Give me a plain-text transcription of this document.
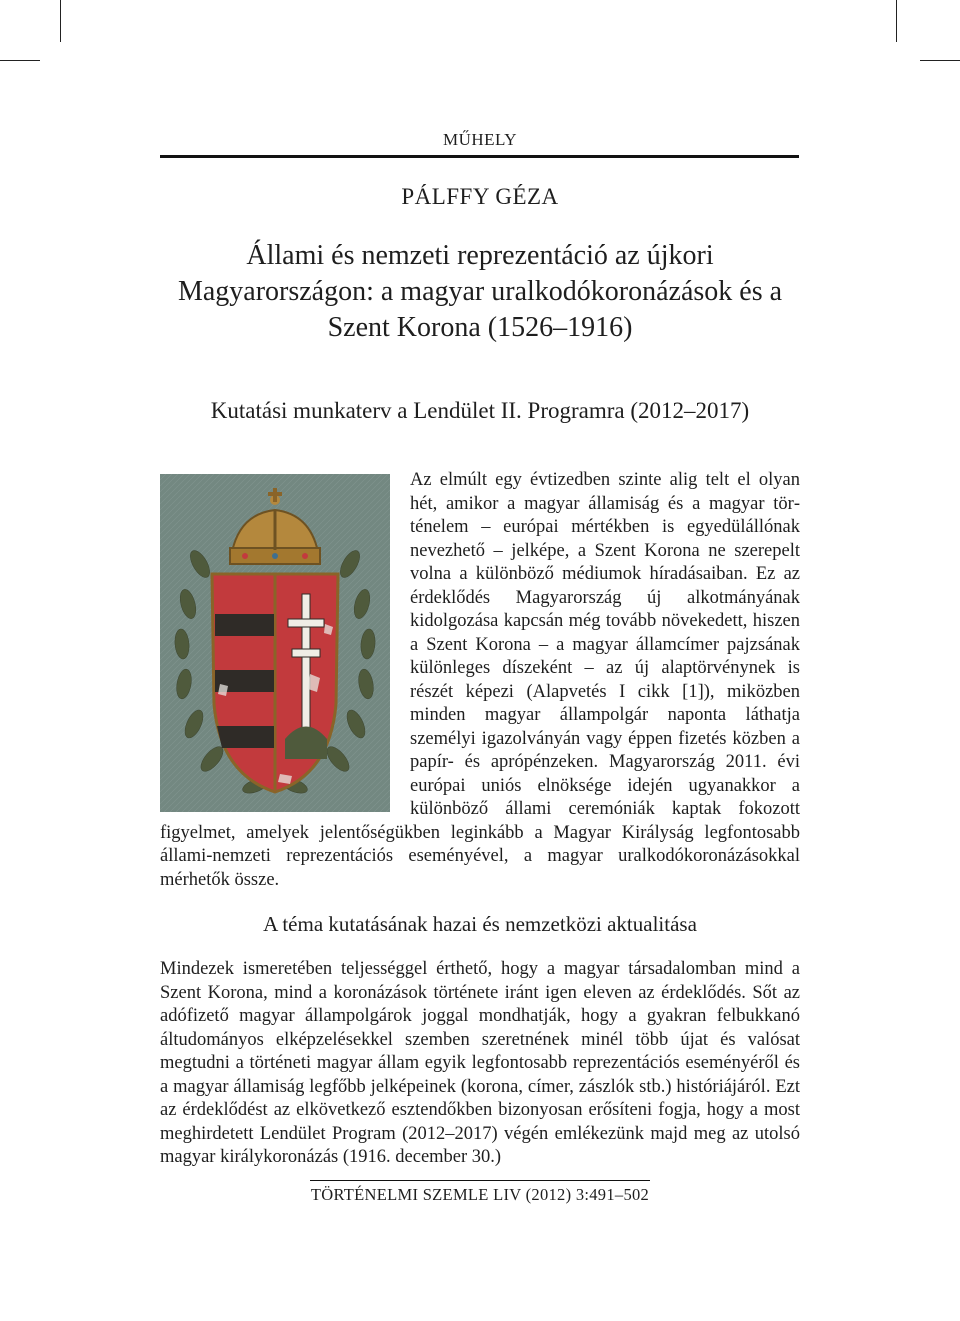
MŰHELY
PÁLFFY GÉZA
Állami és nemzeti reprezentáció az újkori Magyarországon: a magyar uralkodókoronázások és a Szent Korona (1526–1916)
Kutatási munkaterv a Lendület II. Programra (2012–2017)
Az elmúlt egy évtizedben szinte alig telt el olyan hét, amikor a magyar államiság és a magyar történelem – európai mértékben is egyedülállónak nevezhető – jelképe, a Szent Korona ne szerepelt volna a különböző médiumok híradásaiban. Ez az érdeklődés Magyarország új alkotmányának kidolgozása kapcsán még tovább növekedett, hiszen a Szent Korona – a magyar államcímer pajzsának különleges díszeként – az új alaptörvénynek is részét képezi (Alapvetés I cikk [1]), miközben minden magyar állampolgár naponta láthatja személyi igazolványán vagy éppen fizetés közben a papír- és aprópénzeken. Magyarország 2011. évi európai uniós elnöksége idején ugyanakkor a különböző állami ceremóniák kaptak fokozott figyelmet, amelyek jelentőségükben leginkább a Magyar Királyság legfontosabb állami-nemzeti reprezentációs eseményével, a magyar uralkodókoronázásokkal mérhetők össze.
A téma kutatásának hazai és nemzetközi aktualitása

Mindezek ismeretében teljességgel érthető, hogy a magyar társadalomban mind a Szent Korona, mind a koronázások története iránt igen eleven az érdeklődés. Sőt az adófizető magyar állampolgárok joggal mondhatják, hogy a gyakran felbukkanó áltudományos elképzelésekkel szemben szeretnének minél több újat és valósat megtudni a történeti magyar állam egyik legfontosabb reprezentációs eseményéről és a magyar államiság legfőbb jelképeinek (korona, címer, zászlók stb.) históriájáról. Ezt az érdeklődést az elkövetkező esztendőkben bizonyosan erősíteni fogja, hogy a most meghirdetett Lendület Program (2012–2017) végén emlékezünk majd meg az utolsó magyar királykoronázás (1916. december 30.)

TÖRTÉNELMI SZEMLE LIV (2012) 3:491–502
